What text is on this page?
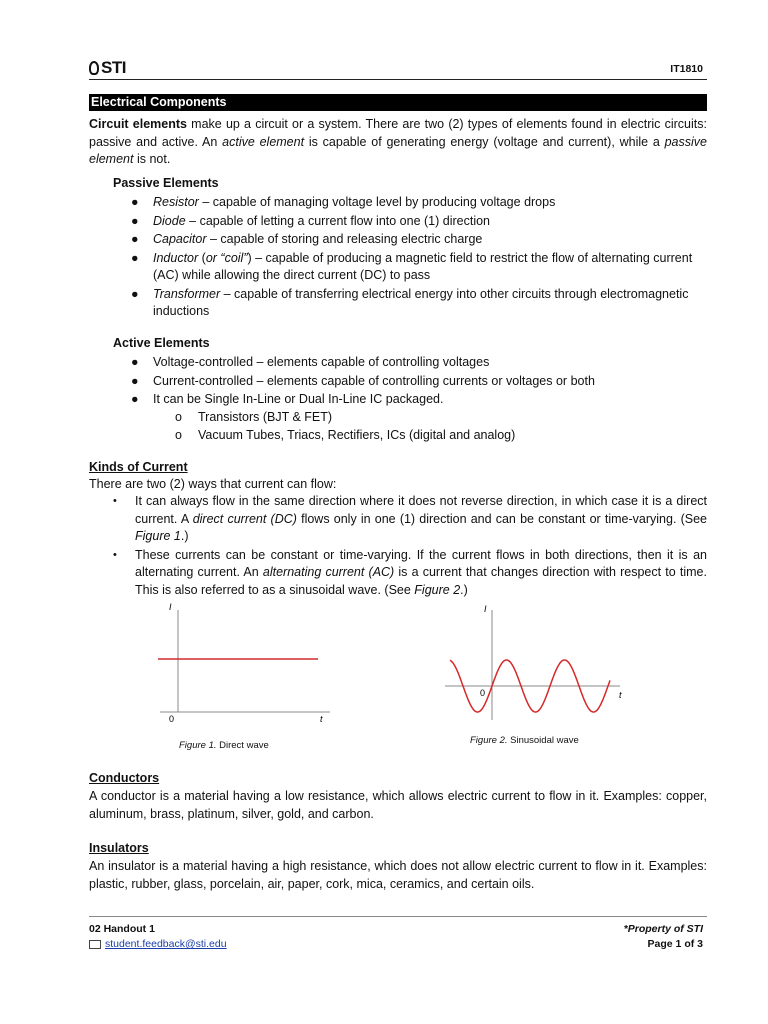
STI	IT1810
Electrical Components
Circuit elements make up a circuit or a system. There are two (2) types of elements found in electric circuits: passive and active. An active element is capable of generating energy (voltage and current), while a passive element is not.
Passive Elements
● Resistor – capable of managing voltage level by producing voltage drops
● Diode – capable of letting a current flow into one (1) direction
● Capacitor – capable of storing and releasing electric charge
● Inductor (or “coil”) – capable of producing a magnetic field to restrict the flow of alternating current (AC) while allowing the direct current (DC) to pass
● Transformer – capable of transferring electrical energy into other circuits through electromagnetic inductions
Active Elements
● Voltage-controlled – elements capable of controlling voltages
● Current-controlled – elements capable of controlling currents or voltages or both
● It can be Single In-Line or Dual In-Line IC packaged.
o Transistors (BJT & FET)
o Vacuum Tubes, Triacs, Rectifiers, ICs (digital and analog)
Kinds of Current
There are two (2) ways that current can flow:
• It can always flow in the same direction where it does not reverse direction, in which case it is a direct current. A direct current (DC) flows only in one (1) direction and can be constant or time-varying. (See Figure 1.)
• These currents can be constant or time-varying. If the current flows in both directions, then it is an alternating current. An alternating current (AC) is a current that changes direction with respect to time. This is also referred to as a sinusoidal wave. (See Figure 2.)
I
0	t
Figure 1. Direct wave
I
0	t
Figure 2. Sinusoidal wave
Conductors
A conductor is a material having a low resistance, which allows electric current to flow in it. Examples: copper, aluminum, brass, platinum, silver, gold, and carbon.
Insulators
An insulator is a material having a high resistance, which does not allow electric current to flow in it. Examples: plastic, rubber, glass, porcelain, air, paper, cork, mica, ceramics, and certain oils.
02 Handout 1
student.feedback@sti.edu
*Property of STI
Page 1 of 3
